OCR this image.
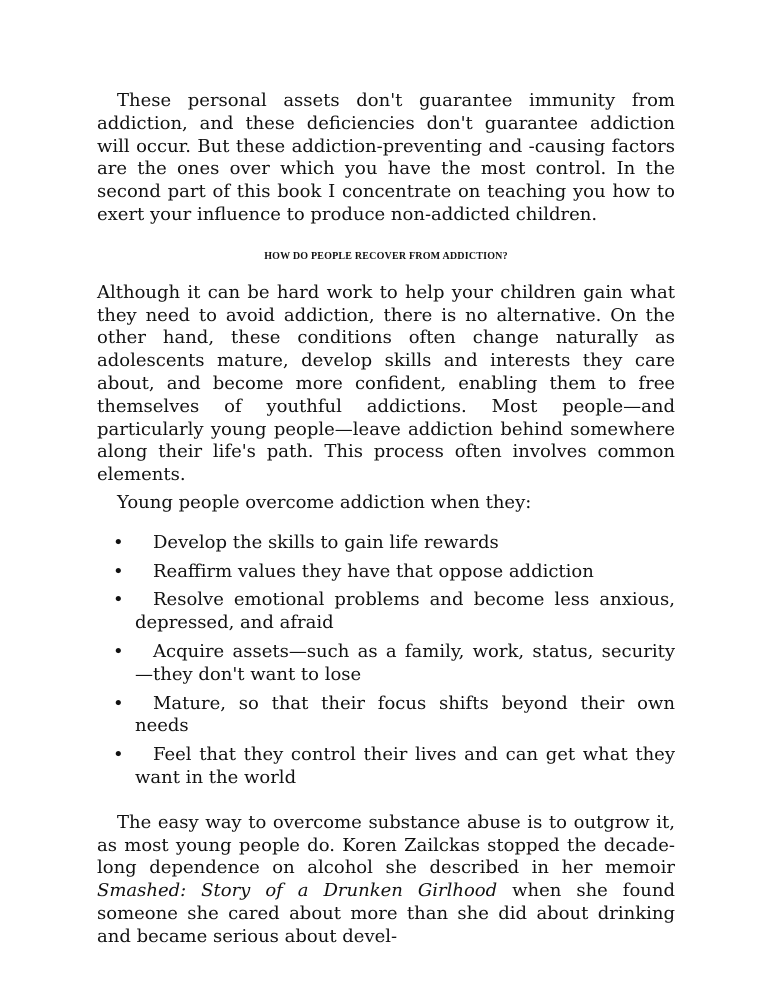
These personal assets don't guarantee immunity from addiction, and these deficiencies don't guarantee addiction will occur. But these addiction-preventing and -causing factors are the ones over which you have the most control. In the second part of this book I concentrate on teaching you how to exert your influence to produce non-addicted children.

HOW DO PEOPLE RECOVER FROM ADDICTION?

Although it can be hard work to help your children gain what they need to avoid addiction, there is no alternative. On the other hand, these conditions often change naturally as adolescents mature, develop skills and interests they care about, and become more confident, enabling them to free themselves of youthful addictions. Most people—and particularly young people—leave addiction behind somewhere along their life's path. This process often involves common elements.

Young people overcome addiction when they:

• Develop the skills to gain life rewards
• Reaffirm values they have that oppose addiction
• Resolve emotional problems and become less anxious, depressed, and afraid
• Acquire assets—such as a family, work, status, security—they don't want to lose
• Mature, so that their focus shifts beyond their own needs
• Feel that they control their lives and can get what they want in the world

The easy way to overcome substance abuse is to outgrow it, as most young people do. Koren Zailckas stopped the decade-long dependence on alcohol she described in her memoir Smashed: Story of a Drunken Girlhood when she found someone she cared about more than she did about drinking and became serious about devel-
